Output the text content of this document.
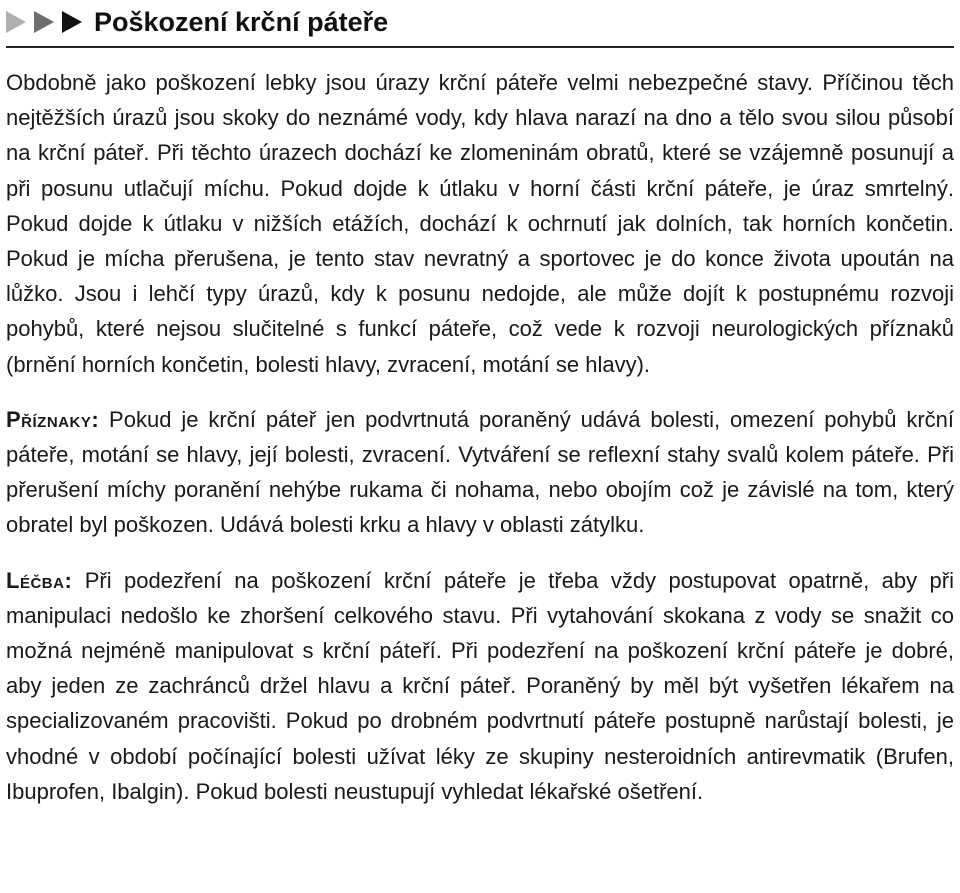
Poškození krční páteře

Obdobně jako poškození lebky jsou úrazy krční páteře velmi nebezpečné stavy. Příčinou těch nejtěžších úrazů jsou skoky do neznámé vody, kdy hlava narazí na dno a tělo svou silou působí na krční páteř. Při těchto úrazech dochází ke zlomeninám obratů, které se vzájemně posunují a při posunu utlačují míchu. Pokud dojde k útlaku v horní části krční páteře, je úraz smrtelný. Pokud dojde k útlaku v nižších etážích, dochází k ochrnutí jak dolních, tak horních končetin. Pokud je mícha přerušena, je tento stav nevratný a sportovec je do konce života upoután na lůžko. Jsou i lehčí typy úrazů, kdy k posunu nedojde, ale může dojít k postupnému rozvoji pohybů, které nejsou slučitelné s funkcí páteře, což vede k rozvoji neurologických příznaků (brnění horních končetin, bolesti hlavy, zvracení, motání se hlavy).

Příznaky: Pokud je krční páteř jen podvrtnutá poraněný udává bolesti, omezení pohybů krční páteře, motání se hlavy, její bolesti, zvracení. Vytváření se reflexní stahy svalů kolem páteře. Při přerušení míchy poranění nehýbe rukama či nohama, nebo obojím což je závislé na tom, který obratel byl poškozen. Udává bolesti krku a hlavy v oblasti zátylku.

Léčba: Při podezření na poškození krční páteře je třeba vždy postupovat opatrně, aby při manipulaci nedošlo ke zhoršení celkového stavu. Při vytahování skokana z vody se snažit co možná nejméně manipulovat s krční páteří. Při podezření na poškození krční páteře je dobré, aby jeden ze zachránců držel hlavu a krční páteř. Poraněný by měl být vyšetřen lékařem na specializovaném pracovišti. Pokud po drobném podvrtnutí páteře postupně narůstají bolesti, je vhodné v období počínající bolesti užívat léky ze skupiny nesteroidních antirevmatik (Brufen, Ibuprofen, Ibalgin). Pokud bolesti neustupují vyhledat lékařské ošetření.
